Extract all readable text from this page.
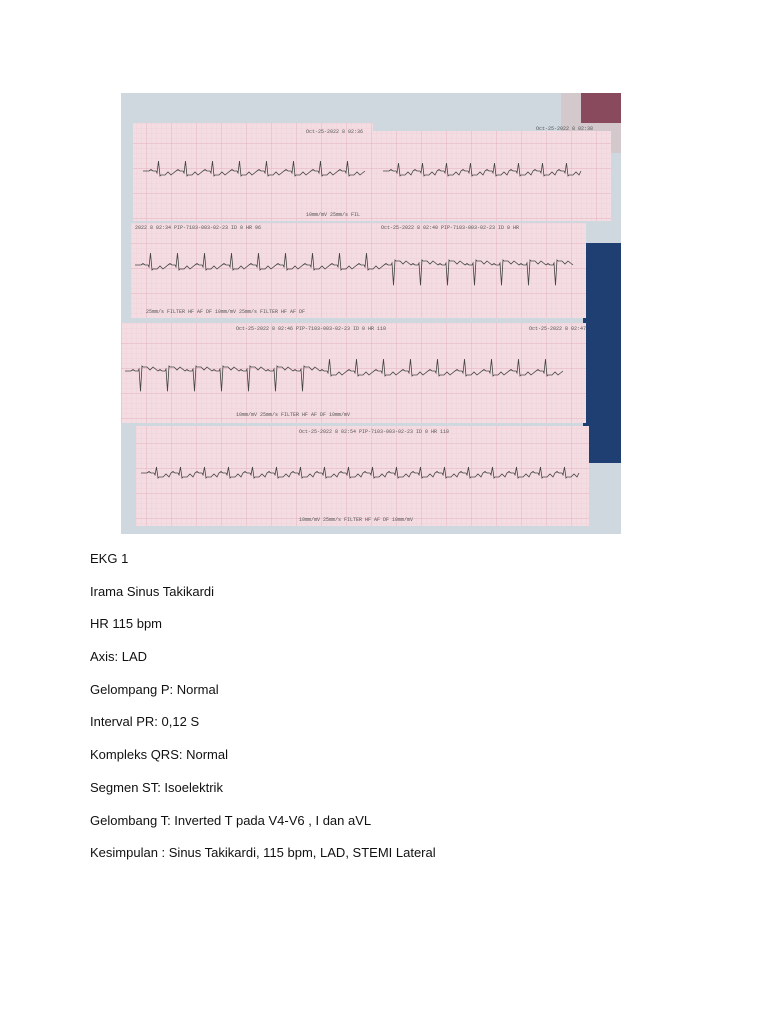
Oct-25-2022 8 02:36	Oct-25-2022 8 02:38
10mm/mV 25mm/s FIL
2022 8 02:34 PIP-7103-003-02-23 ID 0 HR 96	Oct-25-2022 8 02:40 PIP-7103-003-02-23 ID 0 HR
25mm/s FILTER HF AF DF 10mm/mV 25mm/s FILTER HF AF DF
Oct-25-2022 8 02:46 PIP-7103-003-02-23 ID 0 HR 110	Oct-25-2022 8 02:47
10mm/mV 25mm/s FILTER HF AF DF 10mm/mV
Oct-25-2022 8 02:54 PIP-7103-003-02-23 ID 0 HR 110
10mm/mV 25mm/s FILTER HF AF DF 10mm/mV
EKG 1
Irama Sinus Takikardi
HR 115 bpm
Axis: LAD
Gelompang P: Normal
Interval PR: 0,12 S
Kompleks QRS: Normal
Segmen ST: Isoelektrik
Gelombang T: Inverted T pada V4-V6 , I dan aVL
Kesimpulan : Sinus Takikardi, 115 bpm, LAD, STEMI Lateral
